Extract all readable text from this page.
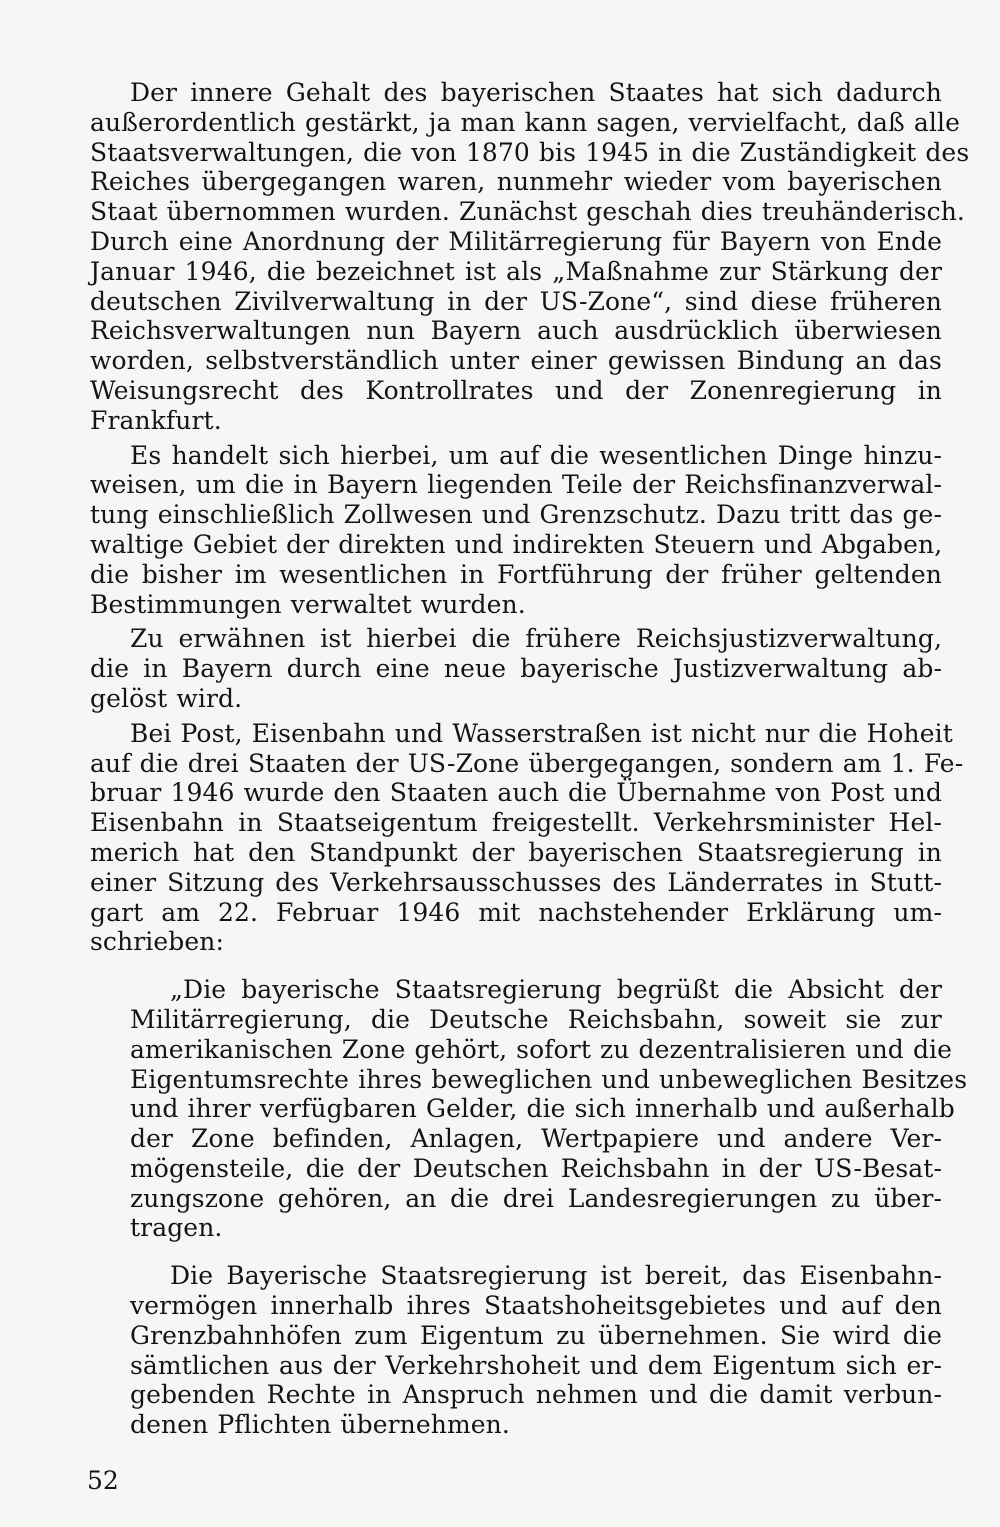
Der innere Gehalt des bayerischen Staates hat sich dadurch
außerordentlich gestärkt, ja man kann sagen, vervielfacht, daß alle
Staatsverwaltungen, die von 1870 bis 1945 in die Zuständigkeit des
Reiches übergegangen waren, nunmehr wieder vom bayerischen
Staat übernommen wurden. Zunächst geschah dies treuhänderisch.
Durch eine Anordnung der Militärregierung für Bayern von Ende
Januar 1946, die bezeichnet ist als „Maßnahme zur Stärkung der
deutschen Zivilverwaltung in der US-Zone“, sind diese früheren
Reichsverwaltungen nun Bayern auch ausdrücklich überwiesen
worden, selbstverständlich unter einer gewissen Bindung an das
Weisungsrecht des Kontrollrates und der Zonenregierung in
Frankfurt.
Es handelt sich hierbei, um auf die wesentlichen Dinge hinzu-
weisen, um die in Bayern liegenden Teile der Reichsfinanzverwal-
tung einschließlich Zollwesen und Grenzschutz. Dazu tritt das ge-
waltige Gebiet der direkten und indirekten Steuern und Abgaben,
die bisher im wesentlichen in Fortführung der früher geltenden
Bestimmungen verwaltet wurden.
Zu erwähnen ist hierbei die frühere Reichsjustizverwaltung,
die in Bayern durch eine neue bayerische Justizverwaltung ab-
gelöst wird.
Bei Post, Eisenbahn und Wasserstraßen ist nicht nur die Hoheit
auf die drei Staaten der US-Zone übergegangen, sondern am 1. Fe-
bruar 1946 wurde den Staaten auch die Übernahme von Post und
Eisenbahn in Staatseigentum freigestellt. Verkehrsminister Hel-
merich hat den Standpunkt der bayerischen Staatsregierung in
einer Sitzung des Verkehrsausschusses des Länderrates in Stutt-
gart am 22. Februar 1946 mit nachstehender Erklärung um-
schrieben:
„Die bayerische Staatsregierung begrüßt die Absicht der
Militärregierung, die Deutsche Reichsbahn, soweit sie zur
amerikanischen Zone gehört, sofort zu dezentralisieren und die
Eigentumsrechte ihres beweglichen und unbeweglichen Besitzes
und ihrer verfügbaren Gelder, die sich innerhalb und außerhalb
der Zone befinden, Anlagen, Wertpapiere und andere Ver-
mögensteile, die der Deutschen Reichsbahn in der US-Besat-
zungszone gehören, an die drei Landesregierungen zu über-
tragen.
Die Bayerische Staatsregierung ist bereit, das Eisenbahn-
vermögen innerhalb ihres Staatshoheitsgebietes und auf den
Grenzbahnhöfen zum Eigentum zu übernehmen. Sie wird die
sämtlichen aus der Verkehrshoheit und dem Eigentum sich er-
gebenden Rechte in Anspruch nehmen und die damit verbun-
denen Pflichten übernehmen.
52
